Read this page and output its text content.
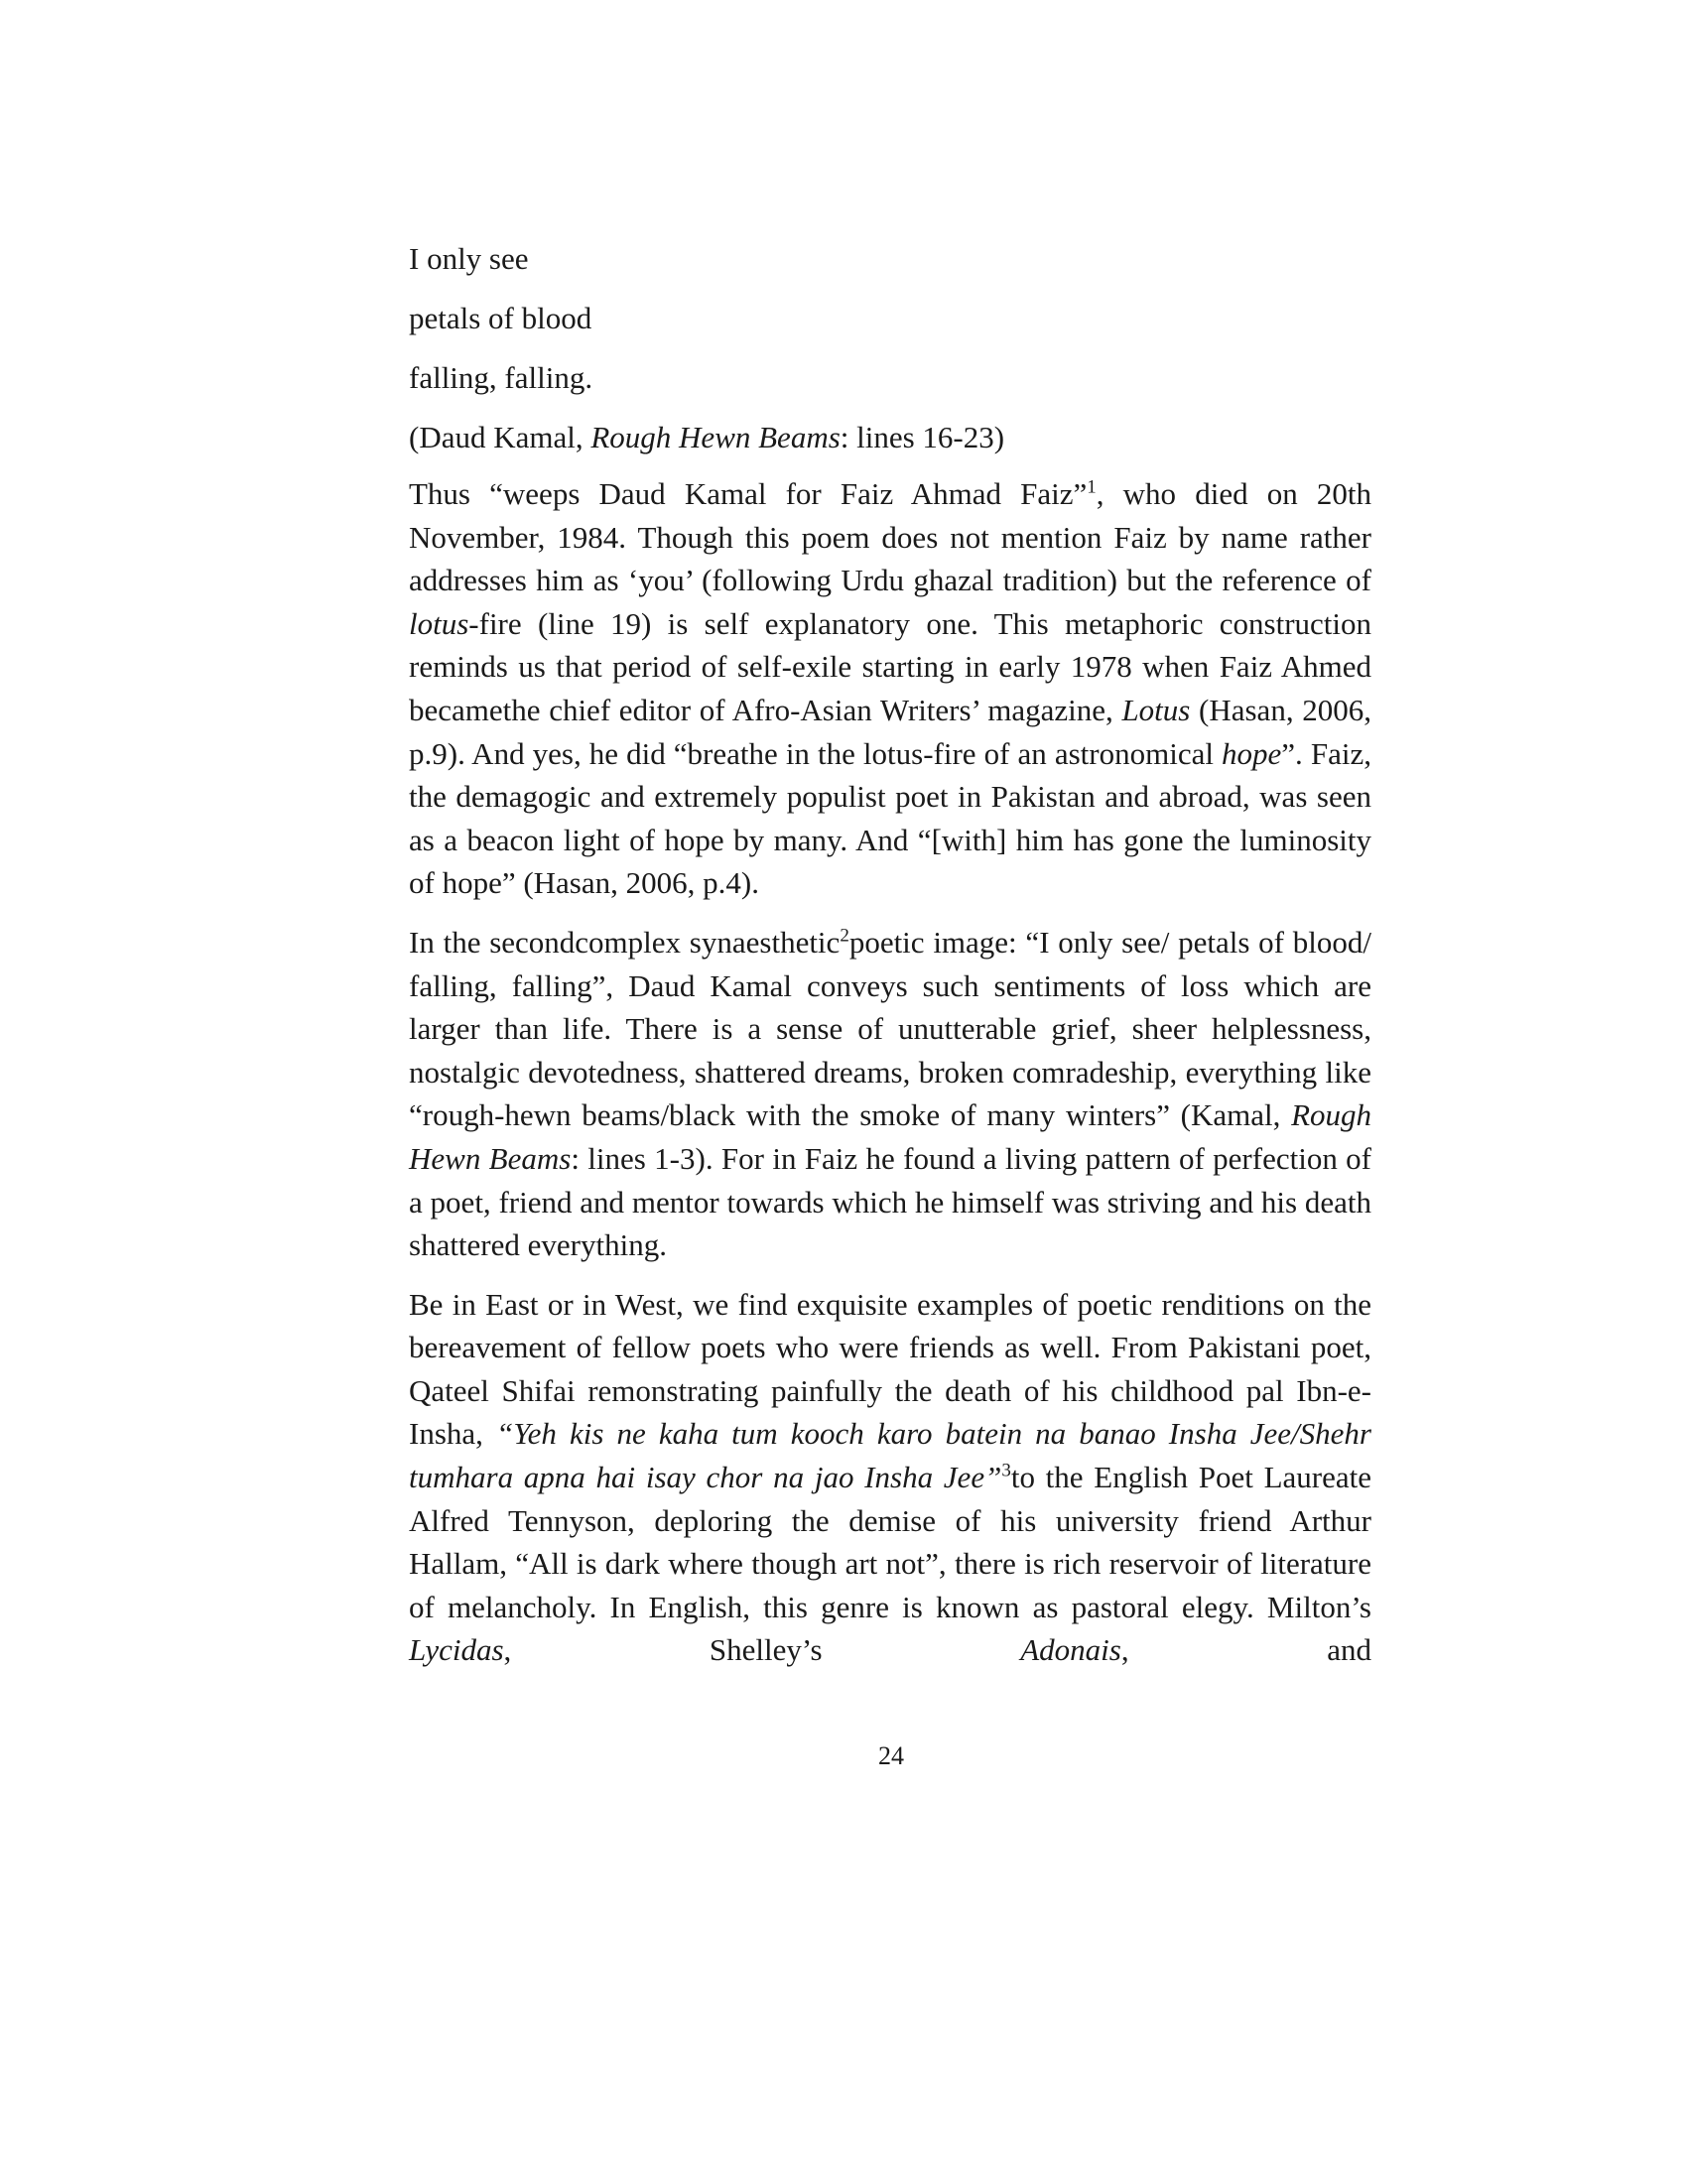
I only see

petals of blood

falling, falling.

(Daud Kamal, Rough Hewn Beams: lines 16-23)

Thus “weeps Daud Kamal for Faiz Ahmad Faiz”$^1$, who died on 20th November, 1984. Though this poem does not mention Faiz by name rather addresses him as ‘you’ (following Urdu ghazal tradition) but the reference of lotus-fire (line 19) is self explanatory one. This metaphoric construction reminds us that period of self-exile starting in early 1978 when Faiz Ahmed becamethe chief editor of Afro-Asian Writers’ magazine, Lotus (Hasan, 2006, p.9). And yes, he did “breathe in the lotus-fire of an astronomical hope”. Faiz, the demagogic and extremely populist poet in Pakistan and abroad, was seen as a beacon light of hope by many. And “[with] him has gone the luminosity of hope” (Hasan, 2006, p.4).

In the secondcomplex synaesthetic$^2$poetic image: “I only see/ petals of blood/ falling, falling”, Daud Kamal conveys such sentiments of loss which are larger than life. There is a sense of unutterable grief, sheer helplessness, nostalgic devotedness, shattered dreams, broken comradeship, everything like “rough-hewn beams/black with the smoke of many winters” (Kamal, Rough Hewn Beams: lines 1-3). For in Faiz he found a living pattern of perfection of a poet, friend and mentor towards which he himself was striving and his death shattered everything.

Be in East or in West, we find exquisite examples of poetic renditions on the bereavement of fellow poets who were friends as well. From Pakistani poet, Qateel Shifai remonstrating painfully the death of his childhood pal Ibn-e-Insha, “Yeh kis ne kaha tum kooch karo batein na banao Insha Jee/Shehr tumhara apna hai isay chor na jao Insha Jee”$^3$to the English Poet Laureate Alfred Tennyson, deploring the demise of his university friend Arthur Hallam, “All is dark where though art not”, there is rich reservoir of literature of melancholy. In English, this genre is known as pastoral elegy. Milton’s Lycidas, Shelley’s Adonais, and

24
